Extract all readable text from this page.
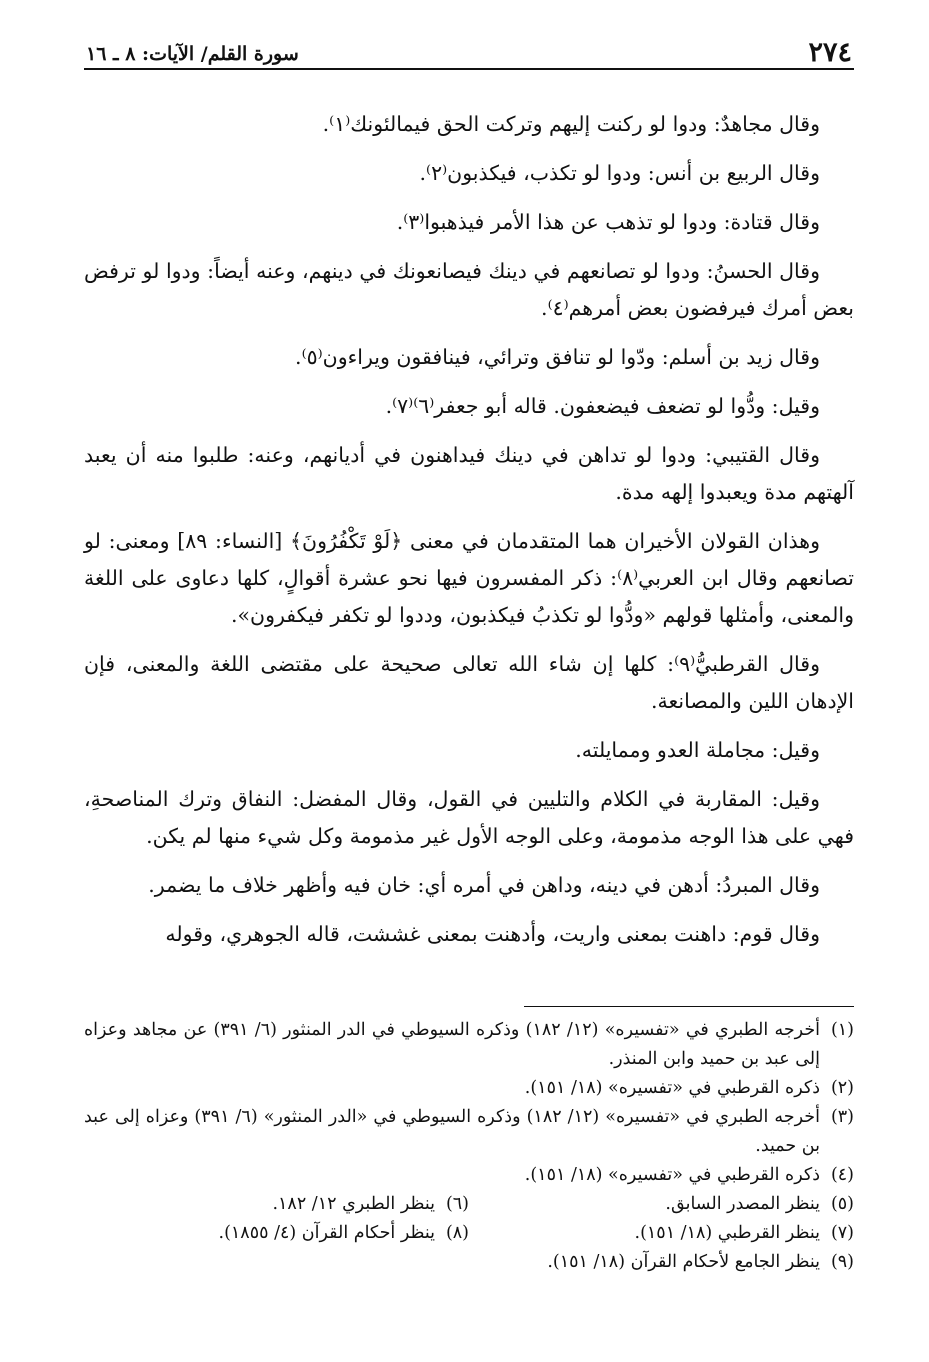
٢٧٤
سورة القلم/ الآيات: ٨ ـ ١٦

وقال مجاهدٌ: ودوا لو ركنت إليهم وتركت الحق فيمالئونك⁽١⁾.

وقال الربيع بن أنس: ودوا لو تكذب، فيكذبون⁽٢⁾.

وقال قتادة: ودوا لو تذهب عن هذا الأمر فيذهبوا⁽٣⁾.

وقال الحسنُ: ودوا لو تصانعهم في دينك فيصانعونك في دينهم، وعنه أيضاً: ودوا لو ترفض بعض أمرك فيرفضون بعض أمرهم⁽٤⁾.

وقال زيد بن أسلم: ودّوا لو تنافق وترائي، فينافقون ويراءون⁽٥⁾.

وقيل: ودُّوا لو تضعف فيضعفون. قاله أبو جعفر⁽٦⁾⁽٧⁾.

وقال القتيبي: ودوا لو تداهن في دينك فيداهنون في أديانهم، وعنه: طلبوا منه أن يعبد آلهتهم مدة ويعبدوا إلهه مدة.

وهذان القولان الأخيران هما المتقدمان في معنى ﴿لَوْ تَكْفُرُونَ﴾ [النساء: ٨٩] ومعنى: لو تصانعهم وقال ابن العربي⁽٨⁾: ذكر المفسرون فيها نحو عشرة أقوالٍ، كلها دعاوى على اللغة والمعنى، وأمثلها قولهم «ودُّوا لو تكذبُ فيكذبون، وددوا لو تكفر فيكفرون».

وقال القرطبيُّ⁽٩⁾: كلها إن شاء الله تعالى صحيحة على مقتضى اللغة والمعنى، فإن الإدهان اللين والمصانعة.

وقيل: مجاملة العدو وممايلته.

وقيل: المقاربة في الكلام والتليين في القول، وقال المفضل: النفاق وترك المناصحةِ، فهي على هذا الوجه مذمومة، وعلى الوجه الأول غير مذمومة وكل شيء منها لم يكن.

وقال المبردُ: أدهن في دينه، وداهن في أمره أي: خان فيه وأظهر خلاف ما يضمر.

وقال قوم: داهنت بمعنى واريت، وأدهنت بمعنى غششت، قاله الجوهري، وقوله

(١)
أخرجه الطبري في «تفسيره» (١٢/ ١٨٢) وذكره السيوطي في الدر المنثور (٦/ ٣٩١) عن مجاهد وعزاه إلى عبد بن حميد وابن المنذر.
(٢)
ذكره القرطبي في «تفسيره» (١٨/ ١٥١).
(٣)
أخرجه الطبري في «تفسيره» (١٢/ ١٨٢) وذكره السيوطي في «الدر المنثور» (٦/ ٣٩١) وعزاه إلى عبد بن حميد.
(٤)
ذكره القرطبي في «تفسيره» (١٨/ ١٥١).
(٥)
ينظر المصدر السابق.
(٦)
ينظر الطبري ١٢/ ١٨٢.
(٧)
ينظر القرطبي (١٨/ ١٥١).
(٨)
ينظر أحكام القرآن (٤/ ١٨٥٥).
(٩)
ينظر الجامع لأحكام القرآن (١٨/ ١٥١).
